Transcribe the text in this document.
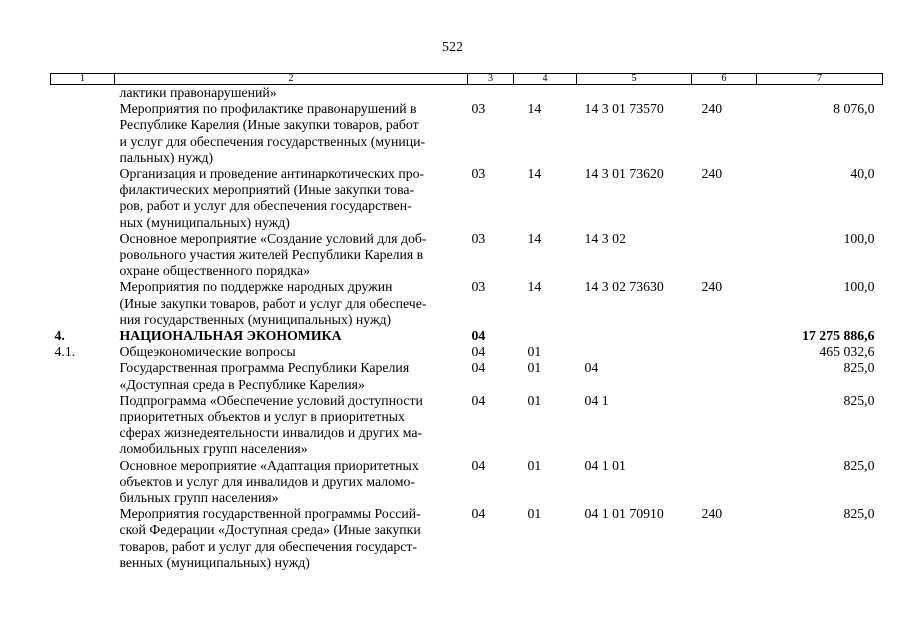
522
1	2	3	4	5	6	7

	лактики правонарушений»					

	Мероприятия по профилактике правонарушений в
Республике Карелия (Иные закупки товаров, работ
и услуг для обеспечения государственных (муници-
пальных) нужд)	03	14	14 3 01 73570	240	8 076,0

	Организация и проведение антинаркотических про-
филактических мероприятий (Иные закупки това-
ров, работ и услуг для обеспечения государствен-
ных (муниципальных) нужд)	03	14	14 3 01 73620	240	40,0

	Основное мероприятие «Создание условий для доб-
ровольного участия жителей Республики Карелия в
охране общественного порядка»	03	14	14 3 02		100,0

	Мероприятия по поддержке народных дружин
(Иные закупки товаров, работ и услуг для обеспече-
ния государственных (муниципальных) нужд)	03	14	14 3 02 73630	240	100,0
4.	НАЦИОНАЛЬНАЯ ЭКОНОМИКА	04				17 275 886,6
4.1.	Общеэкономические вопросы	04	01			465 032,6

	Государственная программа Республики Карелия
«Доступная среда в Республике Карелия»	04	01	04		825,0

	Подпрограмма «Обеспечение условий доступности
приоритетных объектов и услуг в приоритетных
сферах жизнедеятельности инвалидов и других ма-
ломобильных групп населения»	04	01	04 1		825,0

	Основное мероприятие «Адаптация приоритетных
объектов и услуг для инвалидов и других маломо-
бильных групп населения»	04	01	04 1 01		825,0

	Мероприятия государственной программы Россий-
ской Федерации «Доступная среда» (Иные закупки
товаров, работ и услуг для обеспечения государст-
венных (муниципальных) нужд)	04	01	04 1 01 70910	240	825,0
